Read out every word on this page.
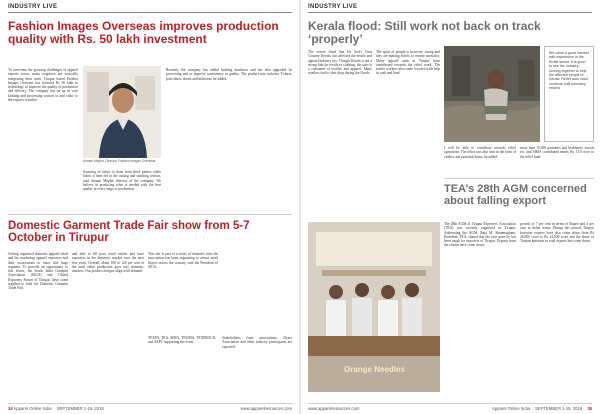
INDUSTRY LIVE
Fashion Images Overseas improves production quality with Rs. 50 lakh investment
To overcome the growing challenges of apparel exports sector, many exporters are vertically integrating their units. Tirupur based Fashion Images Overseas has invested Rs 50 lakh in technology to improve the quality of production and delivery. The company has set up its own knitting and processing section to add value to the exports it makes.
Annam Megha, Director, Fashion Images Overseas
Sourcing of fabric is done from third parties while fabric is then fed to the cutting and stitching section, said Annam Megha, director of the company. We believe in producing what is needed with the best quality at every stage of production.
Recently the company has added knitting machines and has also upgraded its processing unit to improve consistency in quality. The product mix includes T-shirts, polo shirts, shorts and kidswear, he added.
Domestic Garment Trade Fair show from 5-7 October in Tirupur
Getting organised domestic apparel retail and the marketing apparel exporters and their associations to enter this huge segment. To provide an opportunity to this sector, the South India Garment Association (SIGA) and Global Exporters Forum of Tirupur, have come together to hold the Domestic Garment Trade Fair.
and able to fill poor retail outlets and have exporters in the domestic market over the next few years. Overall, about 100 to 120 per cent of the total value production goes into domestic markets. Our product designs align with demand.
This fair is part of a series of domestic fairs the association has been organising to attract retail buyers across the country, said the President of SIGA.
TEXPA, TEA, SIMA, TNGMA, TEXPROCIL and AEPC supporting the event.
Stakeholders from associations, Dyers Association and other industry participants are expected.
34 Apparel Online India SEPTEMBER 1-15, 2018	www.apparelresources.com
INDUSTRY LIVE
Kerala flood: Still work not back on track ‘properly’
The severe flood that hit God's Own Country Kerala, has affected the textile and apparel industry too. Though Kerala is not a strong hub for textile or clothing, the state is a consumer of textiles and apparel. Many retailers had to shut shop during the floods.
The spirit of people is however, strong and they are making efforts to restore normalcy. Many apparel units in Tirupur have contributed towards the relief work. The textile workers also came forward with help in cash and kind.
We value a good interest with experience in the textile sector. It is good to see the industry coming together to help the affected people of Kerala. Relief work must continue until normalcy returns.
I will be able to contribute towards relief operations. The relief was also sent in the form of clothes and essential items, he added.
more than 10,000 garments and bedsheets, towels etc. and SIMA contributed nearly Rs 1.10 crore to the relief fund.
TEA’s 28th AGM concerned about falling export
The 28th AGM of Tirupur Exporters' Association (TEA) was recently organised in Tirupur. Addressing the AGM, Raja M. Shanmugham, President, TEA, shared that the year gone by has been tough for exporters of Tirupur. Exports from the cluster have come down.
growth of 7 per cent in terms of Rupee and 4 per cent in dollar terms. During this period, Tirupur knitwear exports have also come down from Rs 26,000 crore to Rs 24,000 crore and the share of Tirupur knitwear in total exports has come down.
Orange Needles
www.apparelresources.com	Apparel Online India SEPTEMBER 1-15, 2018 35
